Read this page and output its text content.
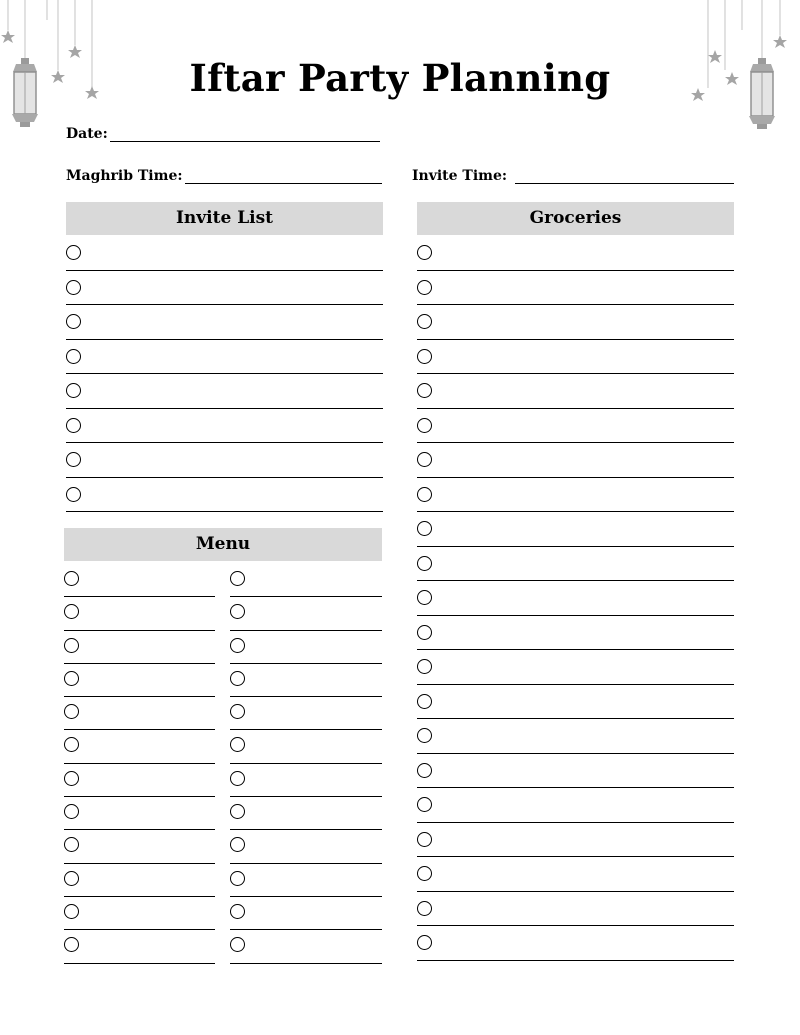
Iftar Party Planning
Date:
Maghrib Time:	Invite Time:
Invite List
Menu
Groceries
